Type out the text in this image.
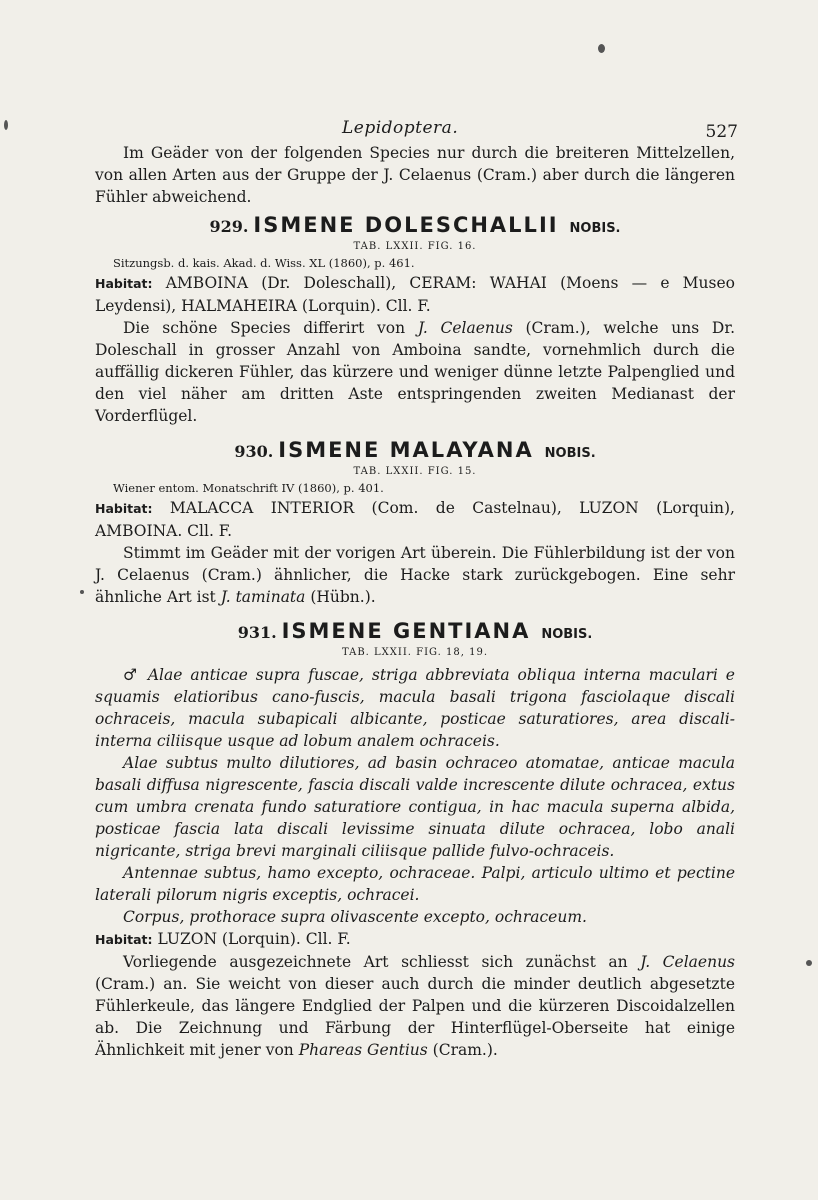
Lepidoptera.	527

Im Geäder von der folgenden Species nur durch die breiteren Mittelzellen, von allen Arten aus der Gruppe der J. Celaenus (Cram.) aber durch die längeren Fühler abweichend.

929. ISMENE DOLESCHALLII NOBIS.
TAB. LXXII. FIG. 16.
Sitzungsb. d. kais. Akad. d. Wiss. XL (1860), p. 461.

Habitat: AMBOINA (Dr. Doleschall), CERAM: WAHAI (Moens — e Museo Leydensi), HALMAHEIRA (Lorquin). Cll. F.

Die schöne Species differirt von J. Celaenus (Cram.), welche uns Dr. Doleschall in grosser Anzahl von Amboina sandte, vornehmlich durch die auffällig dickeren Fühler, das kürzere und weniger dünne letzte Palpenglied und den viel näher am dritten Aste entspringenden zweiten Medianast der Vorderflügel.

930. ISMENE MALAYANA NOBIS.
TAB. LXXII. FIG. 15.
Wiener entom. Monatschrift IV (1860), p. 401.

Habitat: MALACCA INTERIOR (Com. de Castelnau), LUZON (Lorquin), AMBOINA. Cll. F.

Stimmt im Geäder mit der vorigen Art überein. Die Fühlerbildung ist der von J. Celaenus (Cram.) ähnlicher, die Hacke stark zurückgebogen. Eine sehr ähnliche Art ist J. taminata (Hübn.).

931. ISMENE GENTIANA NOBIS.
TAB. LXXII. FIG. 18, 19.

♂ Alae anticae supra fuscae, striga abbreviata obliqua interna maculari e squamis elatioribus cano-fuscis, macula basali trigona fasciolaque discali ochraceis, macula subapicali albicante, posticae saturatiores, area discali-interna ciliisque usque ad lobum analem ochraceis.

Alae subtus multo dilutiores, ad basin ochraceo atomatae, anticae macula basali diffusa nigrescente, fascia discali valde increscente dilute ochracea, extus cum umbra crenata fundo saturatiore contigua, in hac macula superna albida, posticae fascia lata discali levissime sinuata dilute ochracea, lobo anali nigricante, striga brevi marginali ciliisque pallide fulvo-ochraceis.

Antennae subtus, hamo excepto, ochraceae. Palpi, articulo ultimo et pectine laterali pilorum nigris exceptis, ochracei.

Corpus, prothorace supra olivascente excepto, ochraceum.

Habitat: LUZON (Lorquin). Cll. F.

Vorliegende ausgezeichnete Art schliesst sich zunächst an J. Celaenus (Cram.) an. Sie weicht von dieser auch durch die minder deutlich abgesetzte Fühlerkeule, das längere Endglied der Palpen und die kürzeren Discoidalzellen ab. Die Zeichnung und Färbung der Hinterflügel-Oberseite hat einige Ähnlichkeit mit jener von Phareas Gentius (Cram.).
